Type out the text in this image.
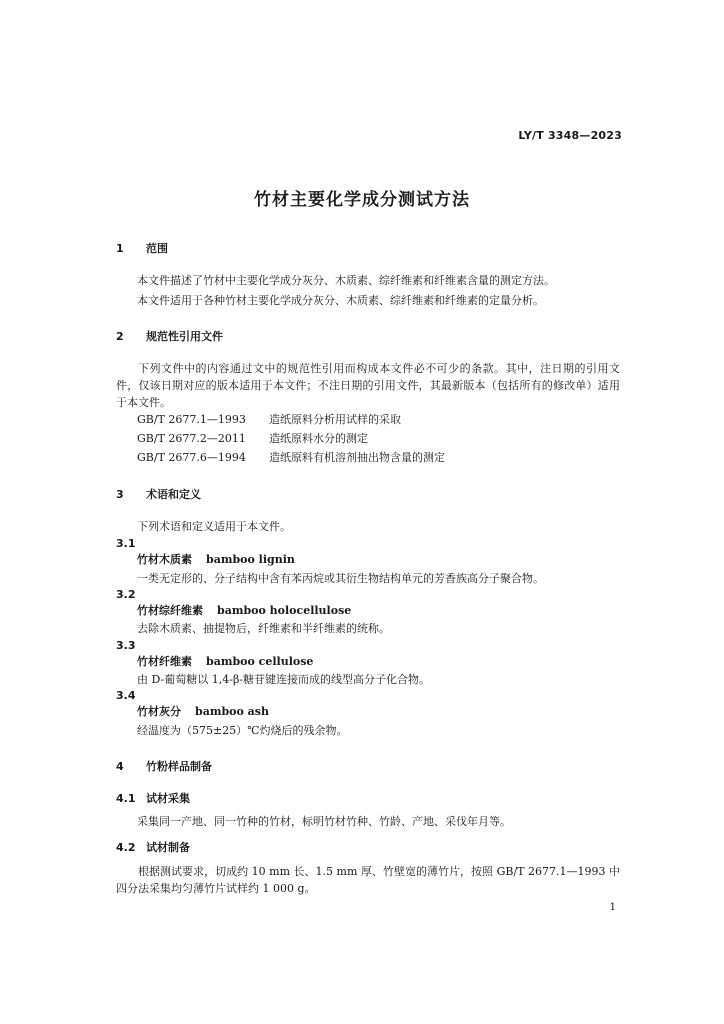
LY/T 3348—2023
竹材主要化学成分测试方法
1 范围
本文件描述了竹材中主要化学成分灰分、木质素、综纤维素和纤维素含量的测定方法。
本文件适用于各种竹材主要化学成分灰分、木质素、综纤维素和纤维素的定量分析。
2 规范性引用文件
下列文件中的内容通过文中的规范性引用而构成本文件必不可少的条款。其中，注日期的引用文件，仅该日期对应的版本适用于本文件；不注日期的引用文件，其最新版本（包括所有的修改单）适用于本文件。
GB/T 2677.1—1993 造纸原料分析用试样的采取
GB/T 2677.2—2011 造纸原料水分的测定
GB/T 2677.6—1994 造纸原料有机溶剂抽出物含量的测定
3 术语和定义
下列术语和定义适用于本文件。
3.1
竹材木质素 bamboo lignin
一类无定形的、分子结构中含有苯丙烷或其衍生物结构单元的芳香族高分子聚合物。
3.2
竹材综纤维素 bamboo holocellulose
去除木质素、抽提物后，纤维素和半纤维素的统称。
3.3
竹材纤维素 bamboo cellulose
由 D-葡萄糖以 1,4-β-糖苷键连接而成的线型高分子化合物。
3.4
竹材灰分 bamboo ash
经温度为（575±25）℃灼烧后的残余物。
4 竹粉样品制备
4.1 试材采集
采集同一产地、同一竹种的竹材，标明竹材竹种、竹龄、产地、采伐年月等。
4.2 试材制备
根据测试要求，切成约 10 mm 长、1.5 mm 厚、竹壁宽的薄竹片，按照 GB/T 2677.1—1993 中四分法采集均匀薄竹片试样约 1 000 g。
1
